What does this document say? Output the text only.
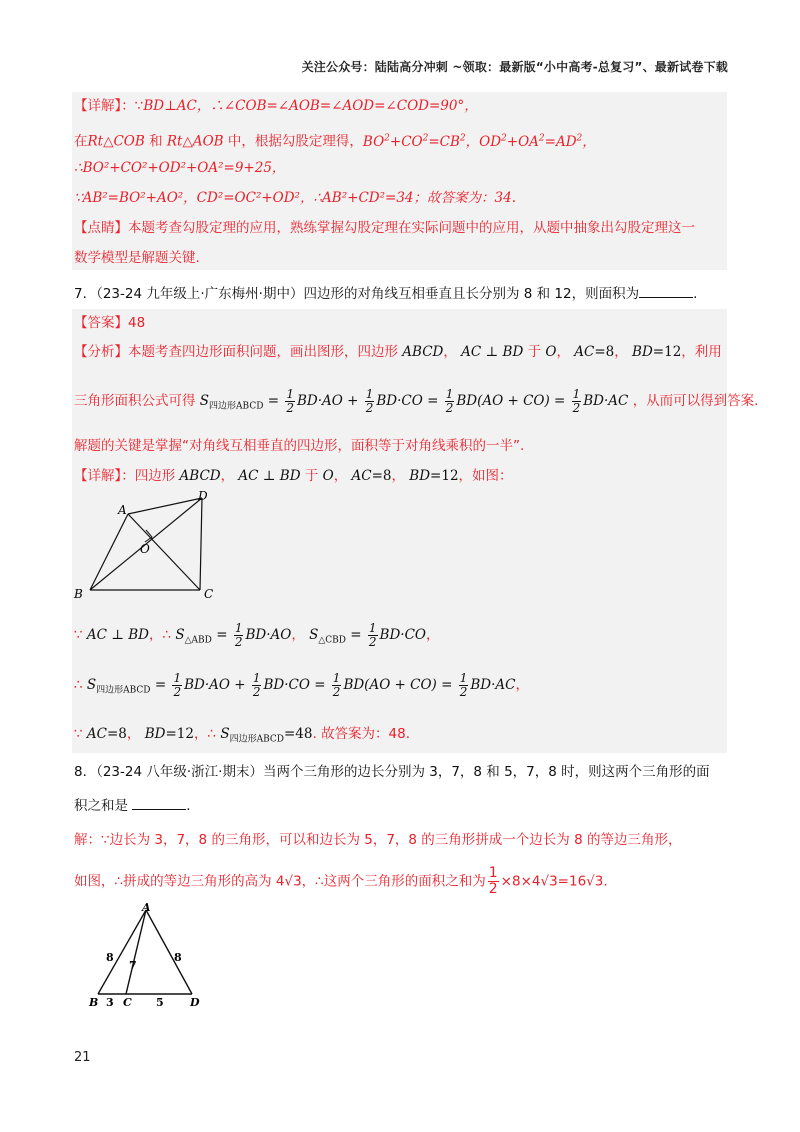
关注公众号：陆陆高分冲刺 ~领取：最新版“小中高考-总复习”、最新试卷下载
【详解】：∵BD⊥AC，∴∠COB=∠AOB=∠AOD=∠COD=90°，
在Rt△COB 和 Rt△AOB 中，根据勾股定理得，$BO^2+CO^2=CB^2$，$OD^2+OA^2=AD^2$，
∴BO²+CO²+OD²+OA²=9+25，
∵AB²=BO²+AO²，CD²=OC²+OD²，∴AB²+CD²=34；故答案为：34.
【点睛】本题考查勾股定理的应用，熟练掌握勾股定理在实际问题中的应用，从题中抽象出勾股定理这一
数学模型是解题关键.
7．（23-24 九年级上·广东梅州·期中）四边形的对角线互相垂直且长分别为 8 和 12，则面积为	.
【答案】48
【分析】本题考查四边形面积问题，画出图形，四边形 ABCD， AC ⊥ BD 于 O， AC=8， BD=12，利用
三角形面积公式可得 $S_{四边形ABCD} = \frac{1}{2} BD\cdot AO + \frac{1}{2} BD\cdot CO = \frac{1}{2} BD(AO + CO) = \frac{1}{2} BD\cdot AC$ ，从而可以得到答案.
解题的关键是掌握“对角线互相垂直的四边形，面积等于对角线乘积的一半”.
【详解】：四边形 ABCD， AC ⊥ BD 于 O， AC=8， BD=12，如图：
A
D
O
B	C
∵ AC ⊥ BD，∴ $S_{\triangle ABD} = \frac{1}{2} BD\cdot AO$， $S_{\triangle CBD} = \frac{1}{2} BD\cdot CO$，
∴ $S_{四边形ABCD} = \frac{1}{2} BD\cdot AO + \frac{1}{2} BD\cdot CO = \frac{1}{2} BD(AO + CO) = \frac{1}{2} BD\cdot AC$，
∵ AC=8， BD=12，∴ $S_{四边形ABCD}=48$. 故答案为：48.
8．（23-24 八年级·浙江·期末）当两个三角形的边长分别为 3，7，8 和 5，7，8 时，则这两个三角形的面
积之和是	.
解：∵边长为 3，7，8 的三角形，可以和边长为 5，7，8 的三角形拼成一个边长为 8 的等边三角形，
如图，∴拼成的等边三角形的高为 4√3，∴这两个三角形的面积之和为 $\frac{1}{2} \times 8\times 4√3=16√3$.
A
8
7
8
B 3 C 5 D
21
